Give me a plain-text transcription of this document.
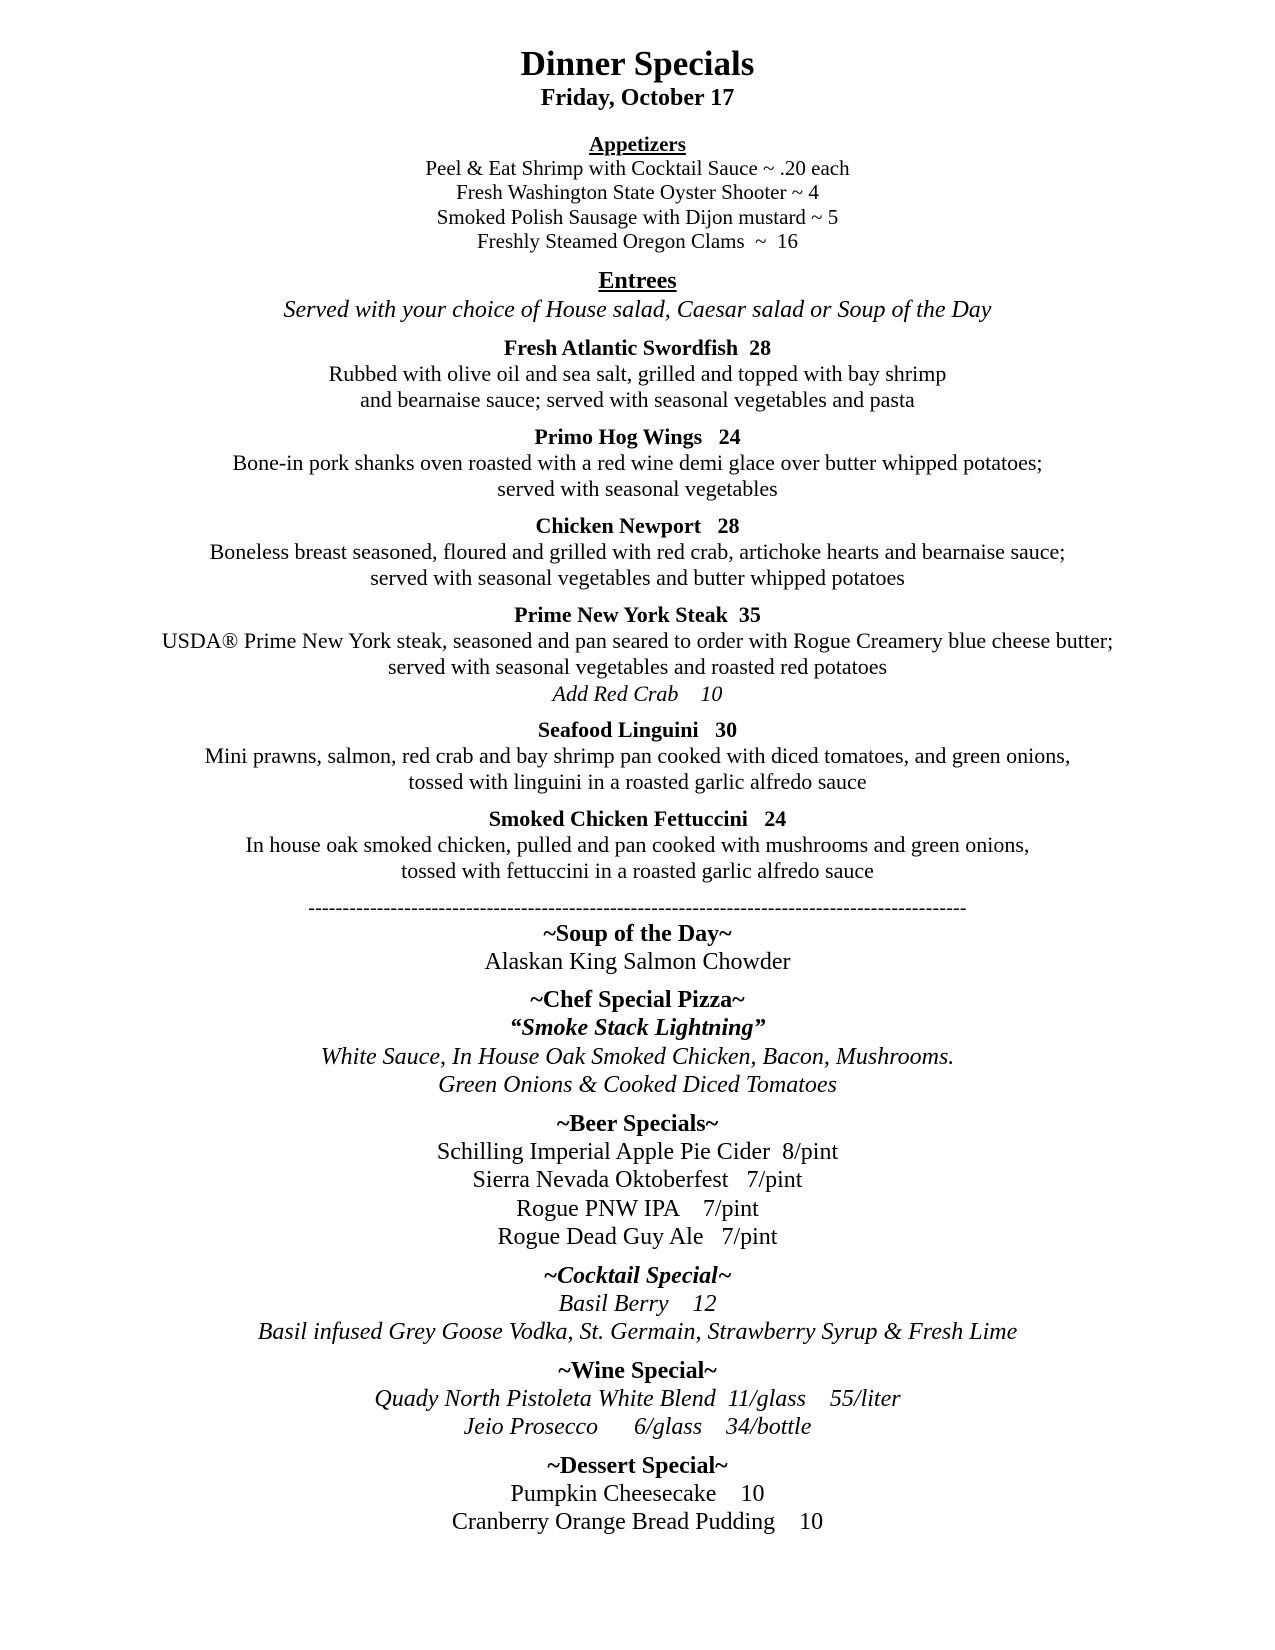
Dinner Specials
Friday, October 17
Appetizers
Peel & Eat Shrimp with Cocktail Sauce ~ .20 each
Fresh Washington State Oyster Shooter ~ 4
Smoked Polish Sausage with Dijon mustard ~ 5
Freshly Steamed Oregon Clams  ~  16
Entrees
Served with your choice of House salad, Caesar salad or Soup of the Day
Fresh Atlantic Swordfish  28
Rubbed with olive oil and sea salt, grilled and topped with bay shrimp
and bearnaise sauce; served with seasonal vegetables and pasta
Primo Hog Wings   24
Bone-in pork shanks oven roasted with a red wine demi glace over butter whipped potatoes;
served with seasonal vegetables
Chicken Newport   28
Boneless breast seasoned, floured and grilled with red crab, artichoke hearts and bearnaise sauce;
served with seasonal vegetables and butter whipped potatoes
Prime New York Steak  35
USDA® Prime New York steak, seasoned and pan seared to order with Rogue Creamery blue cheese butter;
served with seasonal vegetables and roasted red potatoes
Add Red Crab    10
Seafood Linguini   30
Mini prawns, salmon, red crab and bay shrimp pan cooked with diced tomatoes, and green onions,
tossed with linguini in a roasted garlic alfredo sauce
Smoked Chicken Fettuccini   24
In house oak smoked chicken, pulled and pan cooked with mushrooms and green onions,
tossed with fettuccini in a roasted garlic alfredo sauce
------------------------------------------------------------------------------------------------
~Soup of the Day~
Alaskan King Salmon Chowder
~Chef Special Pizza~
“Smoke Stack Lightning”
White Sauce, In House Oak Smoked Chicken, Bacon, Mushrooms.
Green Onions & Cooked Diced Tomatoes
~Beer Specials~
Schilling Imperial Apple Pie Cider  8/pint
Sierra Nevada Oktoberfest   7/pint
Rogue PNW IPA    7/pint
Rogue Dead Guy Ale   7/pint
~Cocktail Special~
Basil Berry    12
Basil infused Grey Goose Vodka, St. Germain, Strawberry Syrup & Fresh Lime
~Wine Special~
Quady North Pistoleta White Blend  11/glass    55/liter
Jeio Prosecco      6/glass    34/bottle
~Dessert Special~
Pumpkin Cheesecake    10
Cranberry Orange Bread Pudding    10
